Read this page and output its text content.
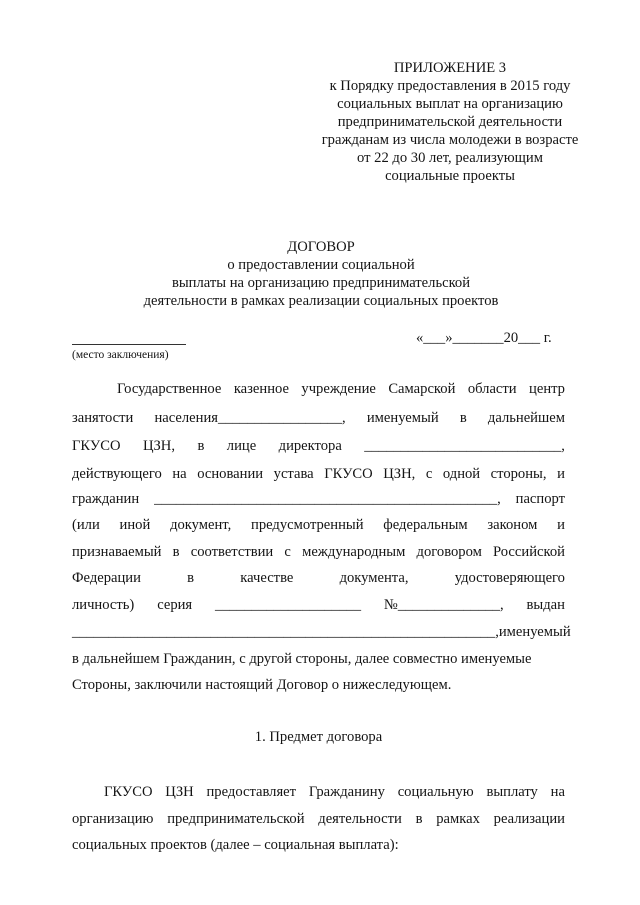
ПРИЛОЖЕНИЕ 3
к Порядку предоставления в 2015 году
социальных выплат на организацию
предпринимательской деятельности
гражданам из числа молодежи в возрасте
от 22 до 30 лет, реализующим
социальные проекты
ДОГОВОР
о предоставлении социальной
выплаты на организацию предпринимательской
деятельности в рамках реализации социальных проектов
(место заключения)
«___»_______20___ г.
Государственное казенное учреждение Самарской области центр
занятости населения_________________, именуемый в дальнейшем
ГКУСО ЦЗН, в лице директора ___________________________,
действующего на основании устава ГКУСО ЦЗН, с одной стороны, и
гражданин _______________________________________________, паспорт
(или иной документ, предусмотренный федеральным законом и
признаваемый в соответствии с международным договором Российской
Федерации	в	качестве	документа,	удостоверяющего
личность) серия ____________________ №______________, выдан
__________________________________________________________, именуемый
в дальнейшем Гражданин, с другой стороны, далее совместно именуемые
Стороны, заключили настоящий Договор о нижеследующем.
1. Предмет договора
ГКУСО ЦЗН предоставляет Гражданину социальную выплату на
организацию предпринимательской деятельности в рамках реализации
социальных проектов (далее – социальная выплата):
